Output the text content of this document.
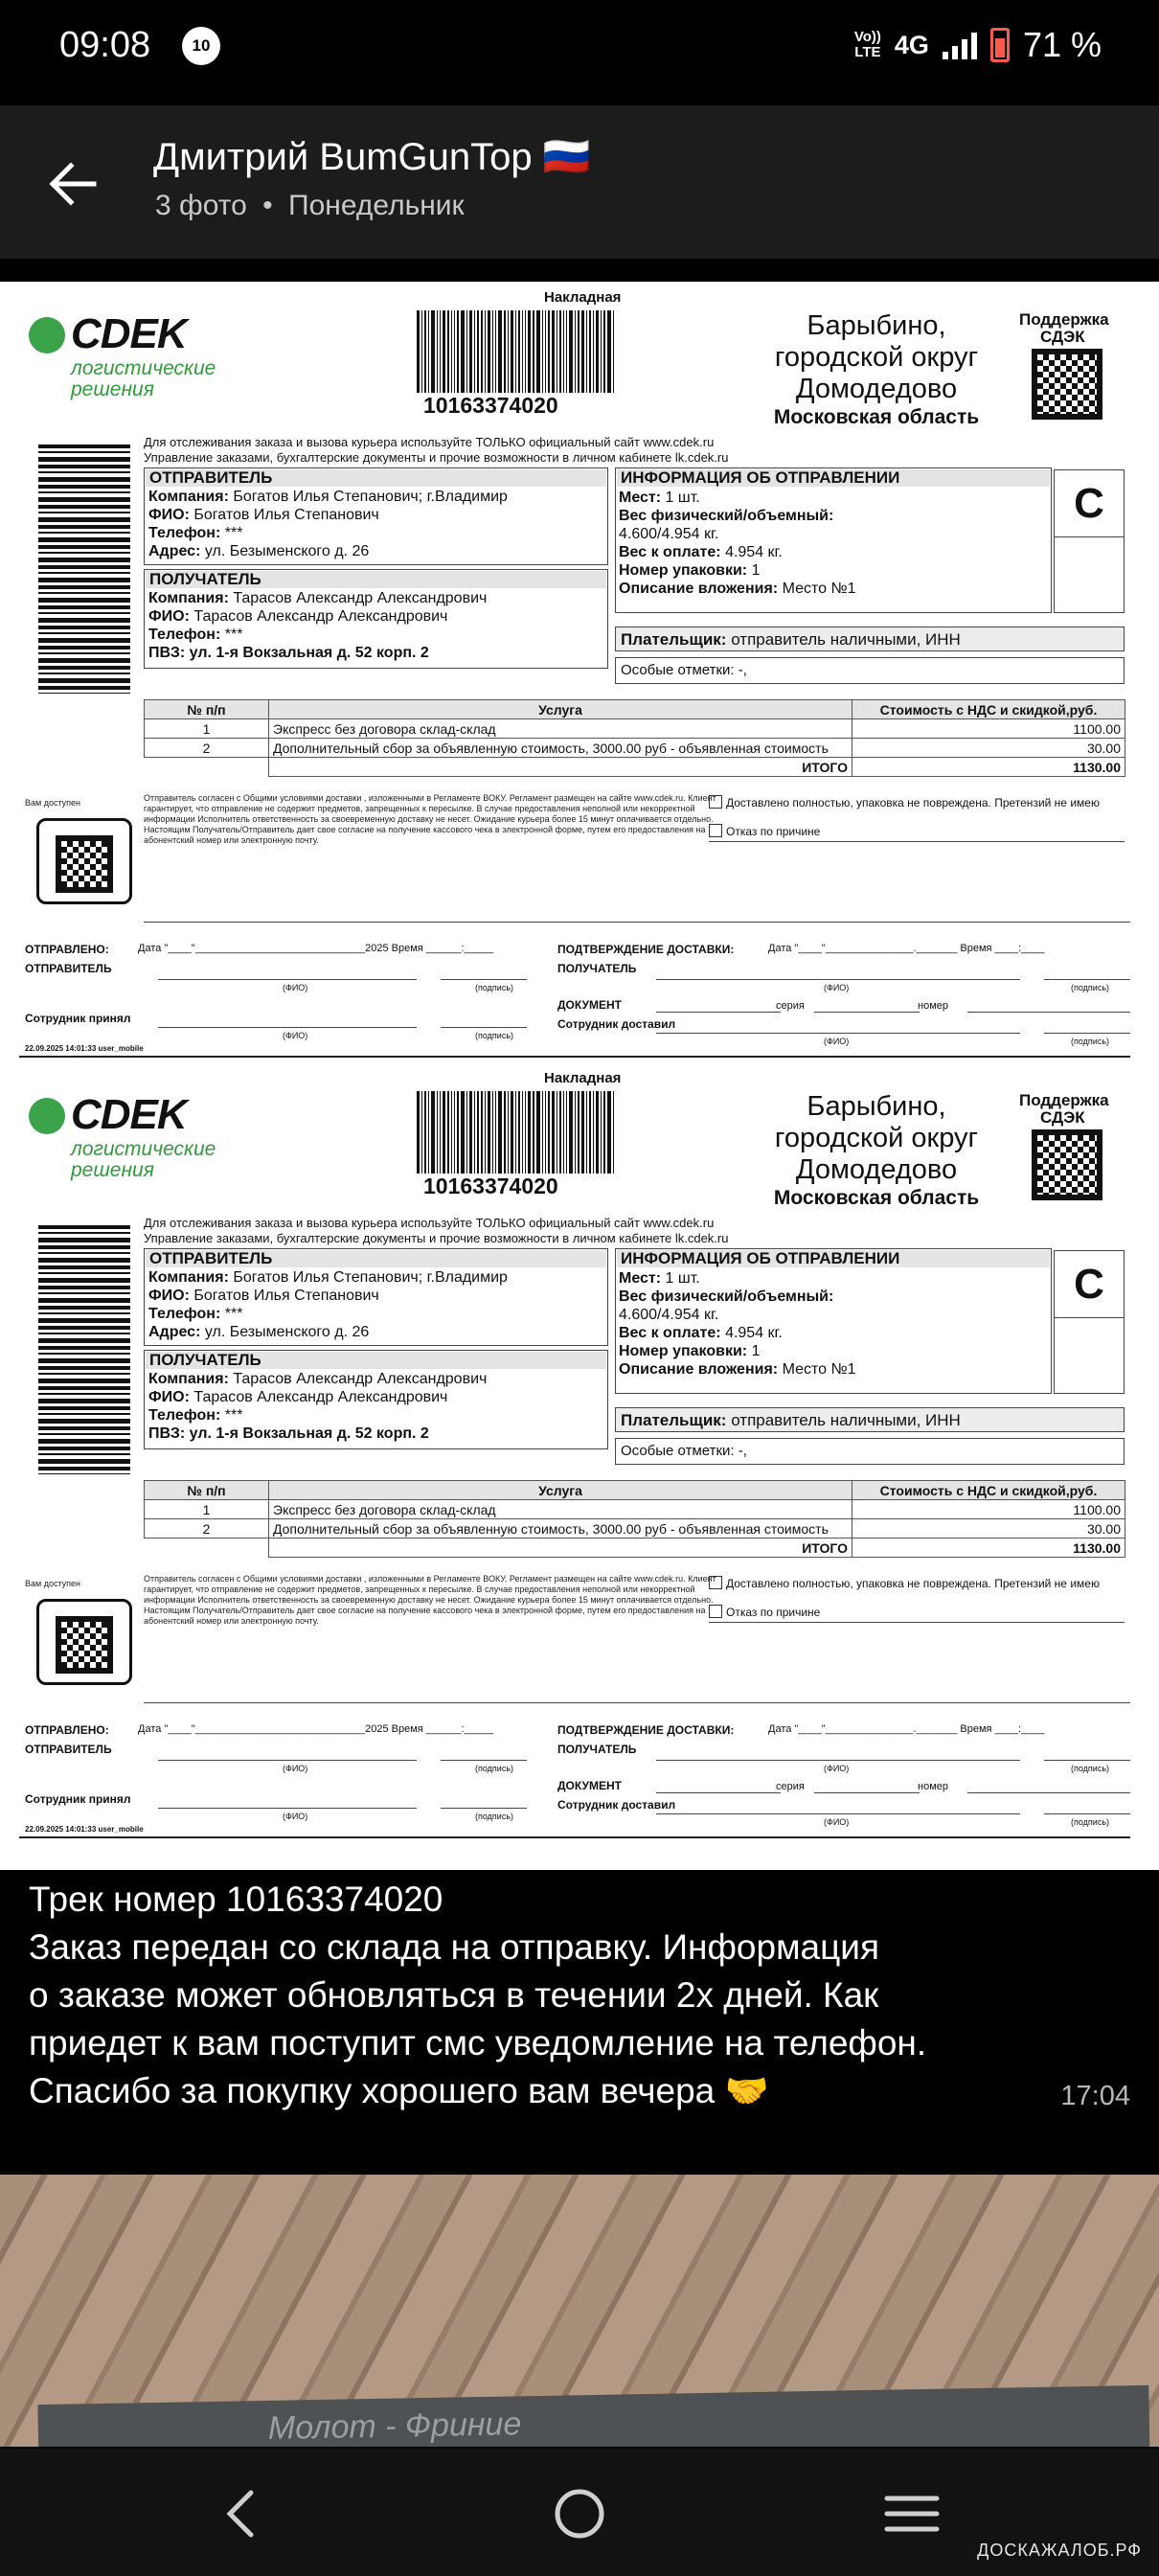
09:08	10	Vo))
LTE 4G	71 %
Дмитрий BumGunTop 🇷🇺
3 фото • Понедельник
Накладная
CDEK
логистические
решения
10163374020
Барыбино,
городской округ
Домодедово
Московская область
Поддержка
СДЭК
Для отслеживания заказа и вызова курьера используйте ТОЛЬКО официальный сайт www.cdek.ru
Управление заказами, бухгалтерские документы и прочие возможности в личном кабинете lk.cdek.ru
ОТПРАВИТЕЛЬ
Компания: Богатов Илья Степанович; г.Владимир
ФИО: Богатов Илья Степанович
Телефон: ***
Адрес: ул. Безыменского д. 26
ПОЛУЧАТЕЛЬ
Компания: Тарасов Александр Александрович
ФИО: Тарасов Александр Александрович
Телефон: ***
ПВЗ: ул. 1-я Вокзальная д. 52 корп. 2
ИНФОРМАЦИЯ ОБ ОТПРАВЛЕНИИ
Мест: 1 шт.
Вес физический/объемный:
4.600/4.954 кг.
Вес к оплате: 4.954 кг.
Номер упаковки: 1
Описание вложения: Место №1
С
Плательщик: отправитель наличными, ИНН
Особые отметки: -,
№ п/п	Услуга	Стоимость с НДС и скидкой,руб.
1	Экспресс без договора склад-склад	1100.00
2	Дополнительный сбор за объявленную стоимость, 3000.00 руб - объявленная стоимость	30.00
	ИТОГО	1130.00
Вам доступен	Отправитель согласен с Общими условиями доставки , изложенными в Регламенте ВОКУ. Регламент размещен на сайте www.cdek.ru. Клиент гарантирует, что отправление не содержит предметов, запрещенных к пересылке. В случае предоставления неполной или некорректной информации Исполнитель ответственность за своевременную доставку не несет. Ожидание курьера более 15 минут оплачивается отдельно. Настоящим Получатель/Отправитель дает свое согласие на получение кассового чека в электронной форме, путем его предоставления на абонентский номер или электронную почту.
Доставлено полностью, упаковка не повреждена. Претензий не имею
Отказ по причине
ОТПРАВЛЕНО:	Дата "____"_____________________________2025 Время ______:_____
ОТПРАВИТЕЛЬ
(ФИО)	(подпись)
Сотрудник принял
(ФИО)	(подпись)
22.09.2025 14:01:33 user_mobile
ПОДТВЕРЖДЕНИЕ ДОСТАВКИ:	Дата "____"_______________._______ Время ____:____
ПОЛУЧАТЕЛЬ
(ФИО)	(подпись)
ДОКУМЕНТ	серия	номер
Сотрудник доставил
(ФИО)	(подпись)
Накладная
CDEK
логистические
решения
10163374020
Барыбино,
городской округ
Домодедово
Московская область
Поддержка
СДЭК
Для отслеживания заказа и вызова курьера используйте ТОЛЬКО официальный сайт www.cdek.ru
Управление заказами, бухгалтерские документы и прочие возможности в личном кабинете lk.cdek.ru
ОТПРАВИТЕЛЬ
Компания: Богатов Илья Степанович; г.Владимир
ФИО: Богатов Илья Степанович
Телефон: ***
Адрес: ул. Безыменского д. 26
ПОЛУЧАТЕЛЬ
Компания: Тарасов Александр Александрович
ФИО: Тарасов Александр Александрович
Телефон: ***
ПВЗ: ул. 1-я Вокзальная д. 52 корп. 2
ИНФОРМАЦИЯ ОБ ОТПРАВЛЕНИИ
Мест: 1 шт.
Вес физический/объемный:
4.600/4.954 кг.
Вес к оплате: 4.954 кг.
Номер упаковки: 1
Описание вложения: Место №1
С
Плательщик: отправитель наличными, ИНН
Особые отметки: -,
№ п/п	Услуга	Стоимость с НДС и скидкой,руб.
1	Экспресс без договора склад-склад	1100.00
2	Дополнительный сбор за объявленную стоимость, 3000.00 руб - объявленная стоимость	30.00
	ИТОГО	1130.00
Вам доступен	Отправитель согласен с Общими условиями доставки , изложенными в Регламенте ВОКУ. Регламент размещен на сайте www.cdek.ru. Клиент гарантирует, что отправление не содержит предметов, запрещенных к пересылке. В случае предоставления неполной или некорректной информации Исполнитель ответственность за своевременную доставку не несет. Ожидание курьера более 15 минут оплачивается отдельно. Настоящим Получатель/Отправитель дает свое согласие на получение кассового чека в электронной форме, путем его предоставления на абонентский номер или электронную почту.
Доставлено полностью, упаковка не повреждена. Претензий не имею
Отказ по причине
ОТПРАВЛЕНО:	Дата "____"_____________________________2025 Время ______:_____
ОТПРАВИТЕЛЬ
(ФИО)	(подпись)
Сотрудник принял
(ФИО)	(подпись)
22.09.2025 14:01:33 user_mobile
ПОДТВЕРЖДЕНИЕ ДОСТАВКИ:	Дата "____"_______________._______ Время ____:____
ПОЛУЧАТЕЛЬ
(ФИО)	(подпись)
ДОКУМЕНТ	серия	номер
Сотрудник доставил
(ФИО)	(подпись)
Трек номер 10163374020
Заказ передан со склада на отправку. Информация
о заказе может обновляться в течении 2х дней. Как
приедет к вам поступит смс уведомление на телефон.
Спасибо за покупку хорошего вам вечера 🤝	17:04
Молот - Фриние
ДОСКАЖАЛОБ.РФ
